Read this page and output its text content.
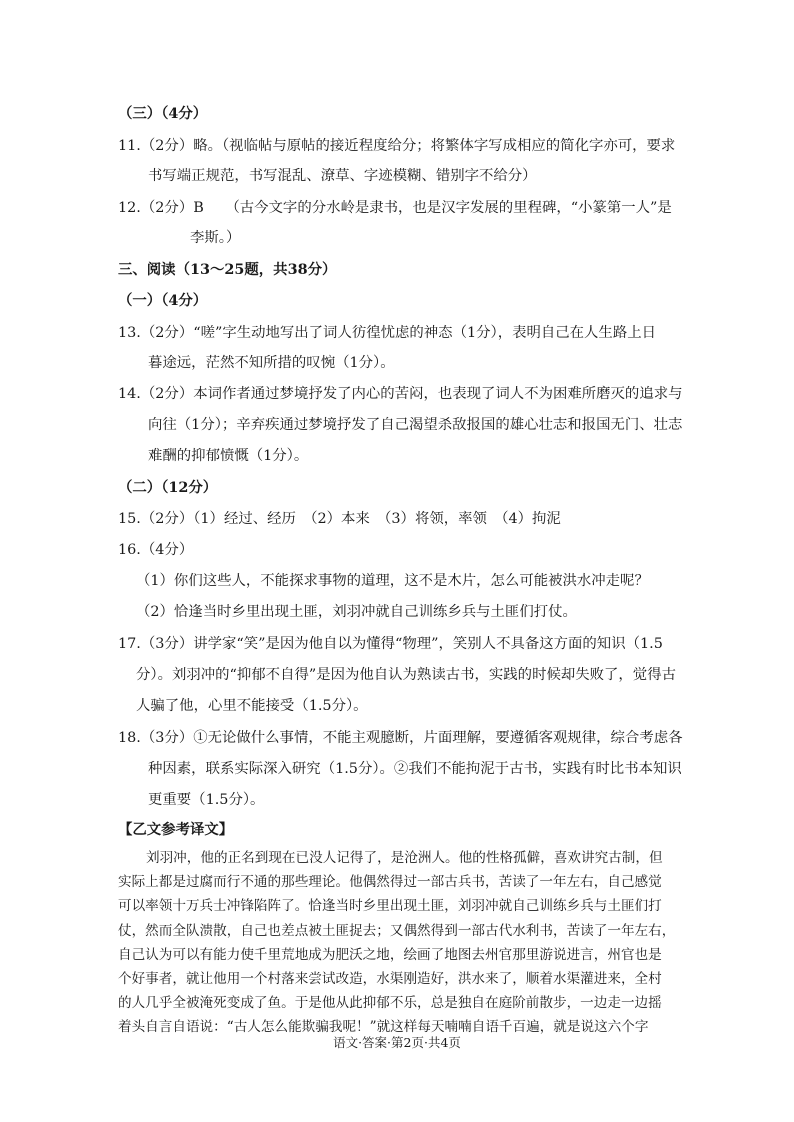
（三）（4分）
11.（2分）略。（视临帖与原帖的接近程度给分；将繁体字写成相应的简化字亦可，要求
书写端正规范，书写混乱、潦草、字迹模糊、错别字不给分）
12.（2分）B　　（古今文字的分水岭是隶书，也是汉字发展的里程碑，“小篆第一人”是
李斯。）
三、阅读（13～25题，共38分）
（一）（4分）
13.（2分）“嗟”字生动地写出了词人彷徨忧虑的神态（1分），表明自己在人生路上日
暮途远，茫然不知所措的叹惋（1分）。
14.（2分）本词作者通过梦境抒发了内心的苦闷，也表现了词人不为困难所磨灭的追求与
向往（1分）；辛弃疾通过梦境抒发了自己渴望杀敌报国的雄心壮志和报国无门、壮志
难酬的抑郁愤慨（1分）。
（二）（12分）
15.（2分）（1）经过、经历　（2）本来　（3）将领，率领　（4）拘泥
16.（4分）
（1）你们这些人，不能探求事物的道理，这不是木片，怎么可能被洪水冲走呢？
（2）恰逢当时乡里出现土匪，刘羽冲就自己训练乡兵与土匪们打仗。
17.（3分）讲学家“笑”是因为他自以为懂得“物理”，笑别人不具备这方面的知识（1.5
分）。刘羽冲的“抑郁不自得”是因为他自认为熟读古书，实践的时候却失败了，觉得古
人骗了他，心里不能接受（1.5分）。
18.（3分）①无论做什么事情，不能主观臆断，片面理解，要遵循客观规律，综合考虑各
种因素，联系实际深入研究（1.5分）。②我们不能拘泥于古书，实践有时比书本知识
更重要（1.5分）。
【乙文参考译文】
刘羽冲，他的正名到现在已没人记得了，是沧洲人。他的性格孤僻，喜欢讲究古制，但
实际上都是过腐而行不通的那些理论。他偶然得过一部古兵书，苦读了一年左右，自己感觉
可以率领十万兵士冲锋陷阵了。恰逢当时乡里出现土匪，刘羽冲就自己训练乡兵与土匪们打
仗，然而全队溃散，自己也差点被土匪捉去；又偶然得到一部古代水利书，苦读了一年左右，
自己认为可以有能力使千里荒地成为肥沃之地，绘画了地图去州官那里游说进言，州官也是
个好事者，就让他用一个村落来尝试改造，水渠刚造好，洪水来了，顺着水渠灌进来，全村
的人几乎全被淹死变成了鱼。于是他从此抑郁不乐，总是独自在庭阶前散步，一边走一边摇
着头自言自语说：“古人怎么能欺骗我呢！”就这样每天喃喃自语千百遍，就是说这六个字
语文·答案·第2页·共4页
